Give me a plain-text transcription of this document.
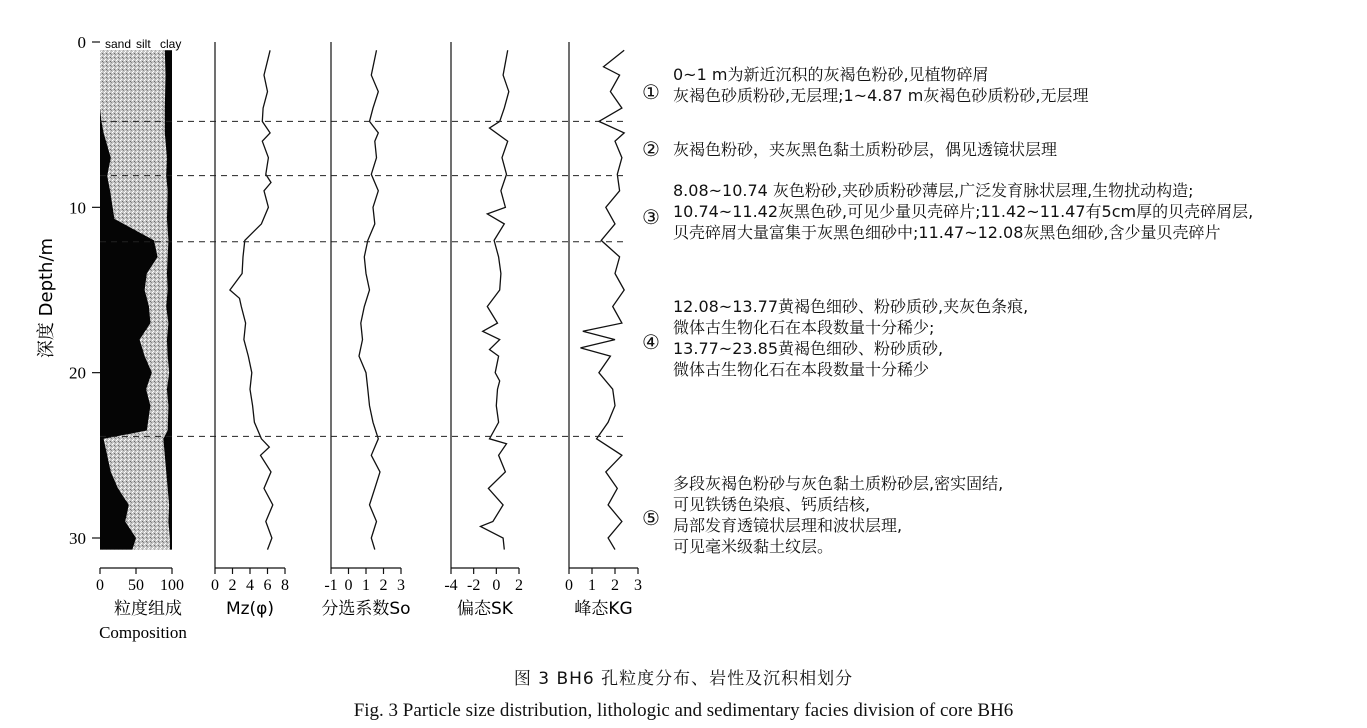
0
10
20
30
深度 Depth/m
sand silt clay
0 50 100
粒度组成
Composition
0 2 4 6 8
Mz(φ)
-1 0 1 2 3
分选系数So
-4 -2 0 2
偏态SK
0 1 2 3
峰态KG
①
0~1 m为新近沉积的灰褐色粉砂,见植物碎屑
灰褐色砂质粉砂,无层理;1~4.87 m灰褐色砂质粉砂,无层理
② 灰褐色粉砂，夹灰黑色黏土质粉砂层，偶见透镜状层理
③
8.08~10.74 灰色粉砂,夹砂质粉砂薄层,广泛发育脉状层理,生物扰动构造;
10.74~11.42灰黑色砂,可见少量贝壳碎片;11.42~11.47有5cm厚的贝壳碎屑层,
贝壳碎屑大量富集于灰黑色细砂中;11.47~12.08灰黑色细砂,含少量贝壳碎片
④
12.08~13.77黄褐色细砂、粉砂质砂,夹灰色条痕,
微体古生物化石在本段数量十分稀少;
13.77~23.85黄褐色细砂、粉砂质砂,
微体古生物化石在本段数量十分稀少
⑤
多段灰褐色粉砂与灰色黏土质粉砂层,密实固结,
可见铁锈色染痕、钙质结核,
局部发育透镜状层理和波状层理,
可见毫米级黏土纹层。
图 3 BH6 孔粒度分布、岩性及沉积相划分
Fig. 3 Particle size distribution, lithologic and sedimentary facies division of core BH6
